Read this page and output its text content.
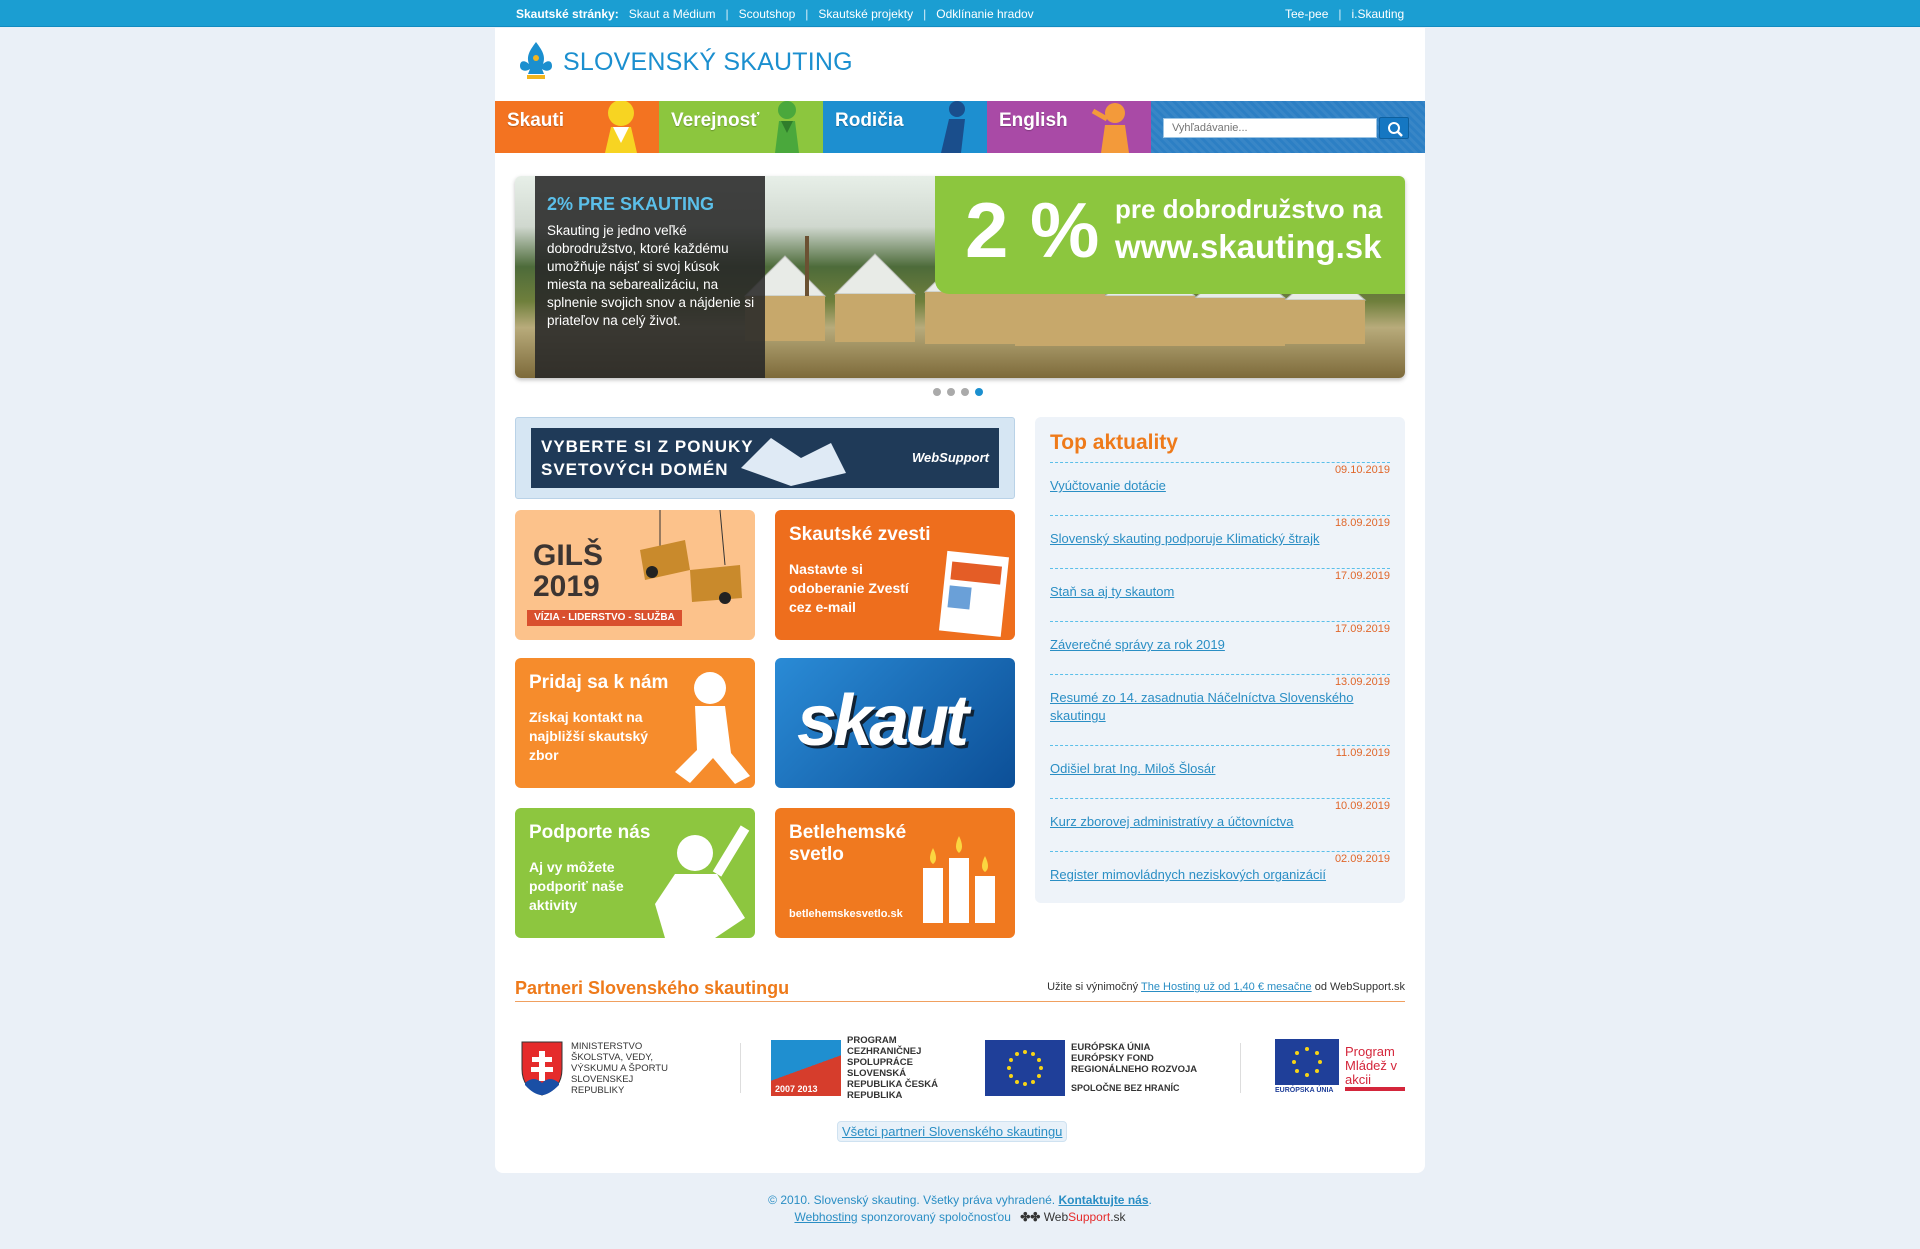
Skautské stránky: Skaut a Médium | Scoutshop | Skautské projekty | Odklínanie hradov	Tee-pee | i.Skauting
SLOVENSKÝ SKAUTING
Skauti	Verejnosť	Rodičia	English
Vyhľadávanie...
2% PRE SKAUTING

Skauting je jedno veľké dobrodružstvo, ktoré každému umožňuje nájsť si svoj kúsok miesta na sebarealizáciu, na splnenie svojich snov a nájdenie si priateľov na celý život.

2 % pre dobrodružstvo na
www.skauting.sk
VYBERTE SI Z PONUKY
SVETOVÝCH DOMÉN
WebSupport
GILŠ
2019
VÍZIA - LIDERSTVO - SLUŽBA
Skautské zvesti
Nastavte si odoberanie Zvestí cez e-mail
Pridaj sa k nám
Získaj kontakt na najbližší skautský zbor	skaut
Podporte nás
Aj vy môžete podporiť naše aktivity
Betlehemské svetlo
betlehemskesvetlo.sk
Top aktuality
09.10.2019
Vyúčtovanie dotácie
18.09.2019
Slovenský skauting podporuje Klimatický štrajk
17.09.2019
Staň sa aj ty skautom
17.09.2019
Záverečné správy za rok 2019
13.09.2019
Resumé zo 14. zasadnutia Náčelníctva Slovenského skautingu
11.09.2019
Odišiel brat Ing. Miloš Šlosár
10.09.2019
Kurz zborovej administratívy a účtovníctva
02.09.2019
Register mimovládnych neziskových organizácií
Partneri Slovenského skautingu	Užite si výnimočný The Hosting už od 1,40 € mesačne od WebSupport.sk
MINISTERSTVO ŠKOLSTVA, VEDY, VÝSKUMU A ŠPORTU SLOVENSKEJ REPUBLIKY	2007 2013
PROGRAM CEZHRANIČNEJ SPOLUPRÁCE SLOVENSKÁ REPUBLIKA ČESKÁ REPUBLIKA
EURÓPSKA ÚNIA EURÓPSKY FOND REGIONÁLNEHO ROZVOJA
SPOLOČNE BEZ HRANÍC	EURÓPSKA ÚNIA
Program Mládež v akcii
Všetci partneri Slovenského skautingu
© 2010. Slovenský skauting. Všetky práva vyhradené. Kontaktujte nás.
Webhosting sponzorovaný spoločnosťou ✤✤ WebSupport.sk
